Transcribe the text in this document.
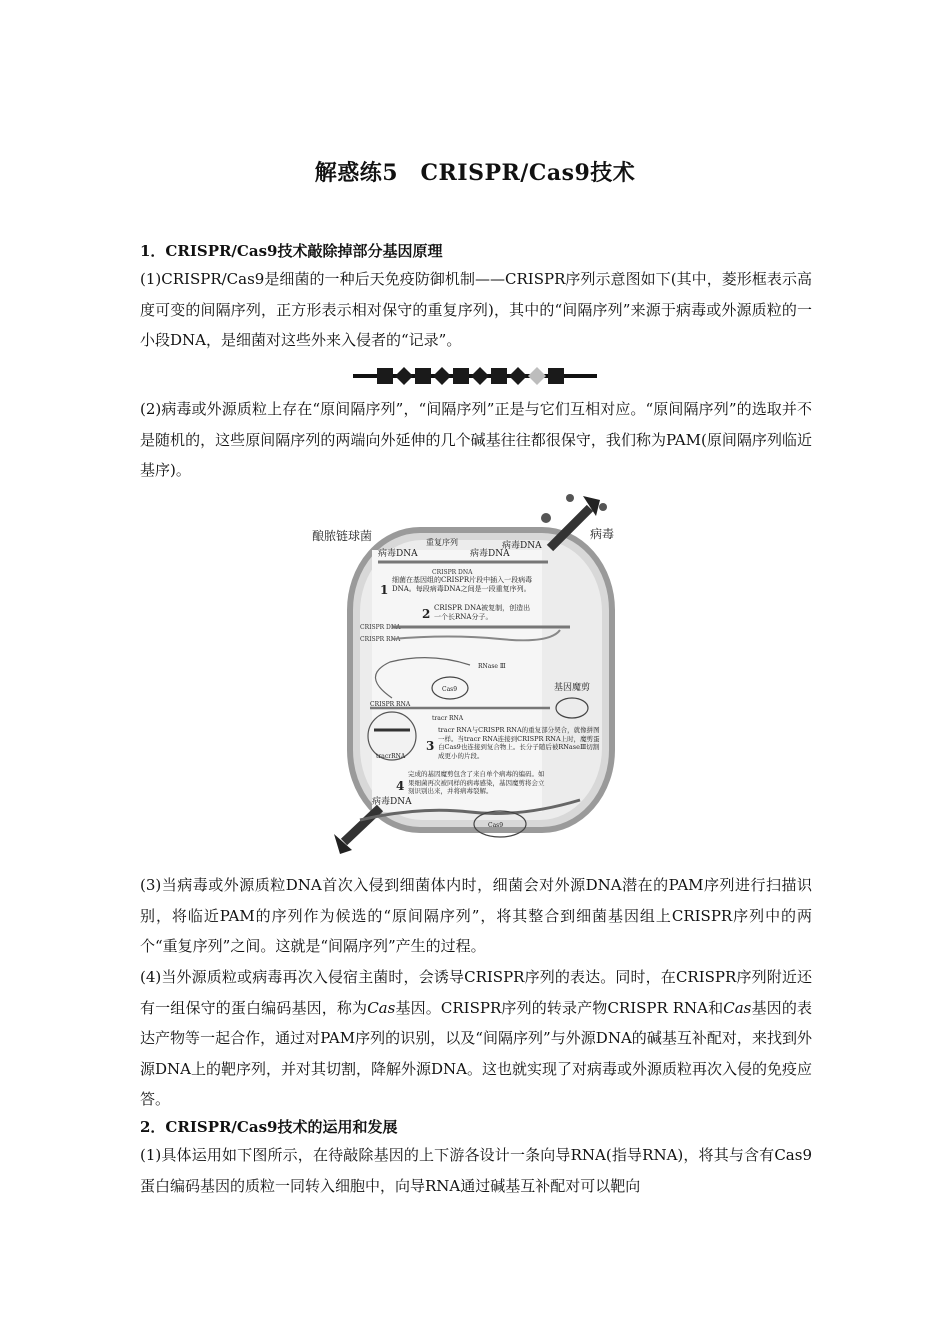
解惑练5　CRISPR/Cas9技术
1．CRISPR/Cas9技术敲除掉部分基因原理

(1)CRISPR/Cas9是细菌的一种后天免疫防御机制——CRISPR序列示意图如下(其中，菱形框表示高度可变的间隔序列，正方形表示相对保守的重复序列)，其中的“间隔序列”来源于病毒或外源质粒的一小段DNA，是细菌对这些外来入侵者的“记录”。

(2)病毒或外源质粒上存在“原间隔序列”，“间隔序列”正是与它们互相对应。“原间隔序列”的选取并不是随机的，这些原间隔序列的两端向外延伸的几个碱基往往都很保守，我们称为PAM(原间隔序列临近基序)。

病毒
酿脓链球菌
病毒DNA
重复序列
病毒DNA
病毒DNA
CRISPR DNA
1
细菌在基因组的CRISPR片段中插入一段病毒DNA。每段病毒DNA之间是一段重复序列。
2 CRISPR DNA被复制，创造出一个长RNA分子。
CRISPR DNA
CRISPR RNA
Cas9
RNase Ⅲ
CRISPR RNA
tracr RNA
基因魔剪
tracrRNA
3
tracr RNA与CRISPR RNA的重复部分契合，就像拼图一样。当tracr RNA连接到CRISPR RNA上时，魔剪蛋白Cas9也连接到复合物上。长分子随后被RNaseⅢ切割成更小的片段。
4
完成的基因魔剪包含了来自单个病毒的编码。如果细菌再次被同样的病毒感染，基因魔剪将会立刻识别出来，并将病毒裂解。
病毒DNA
Cas9

(3)当病毒或外源质粒DNA首次入侵到细菌体内时，细菌会对外源DNA潜在的PAM序列进行扫描识别，将临近PAM的序列作为候选的“原间隔序列”，将其整合到细菌基因组上CRISPR序列中的两个“重复序列”之间。这就是“间隔序列”产生的过程。

(4)当外源质粒或病毒再次入侵宿主菌时，会诱导CRISPR序列的表达。同时，在CRISPR序列附近还有一组保守的蛋白编码基因，称为Cas基因。CRISPR序列的转录产物CRISPR RNA和Cas基因的表达产物等一起合作，通过对PAM序列的识别，以及“间隔序列”与外源DNA的碱基互补配对，来找到外源DNA上的靶序列，并对其切割，降解外源DNA。这也就实现了对病毒或外源质粒再次入侵的免疫应答。

2．CRISPR/Cas9技术的运用和发展

(1)具体运用如下图所示，在待敲除基因的上下游各设计一条向导RNA(指导RNA)，将其与含有Cas9蛋白编码基因的质粒一同转入细胞中，向导RNA通过碱基互补配对可以靶向
